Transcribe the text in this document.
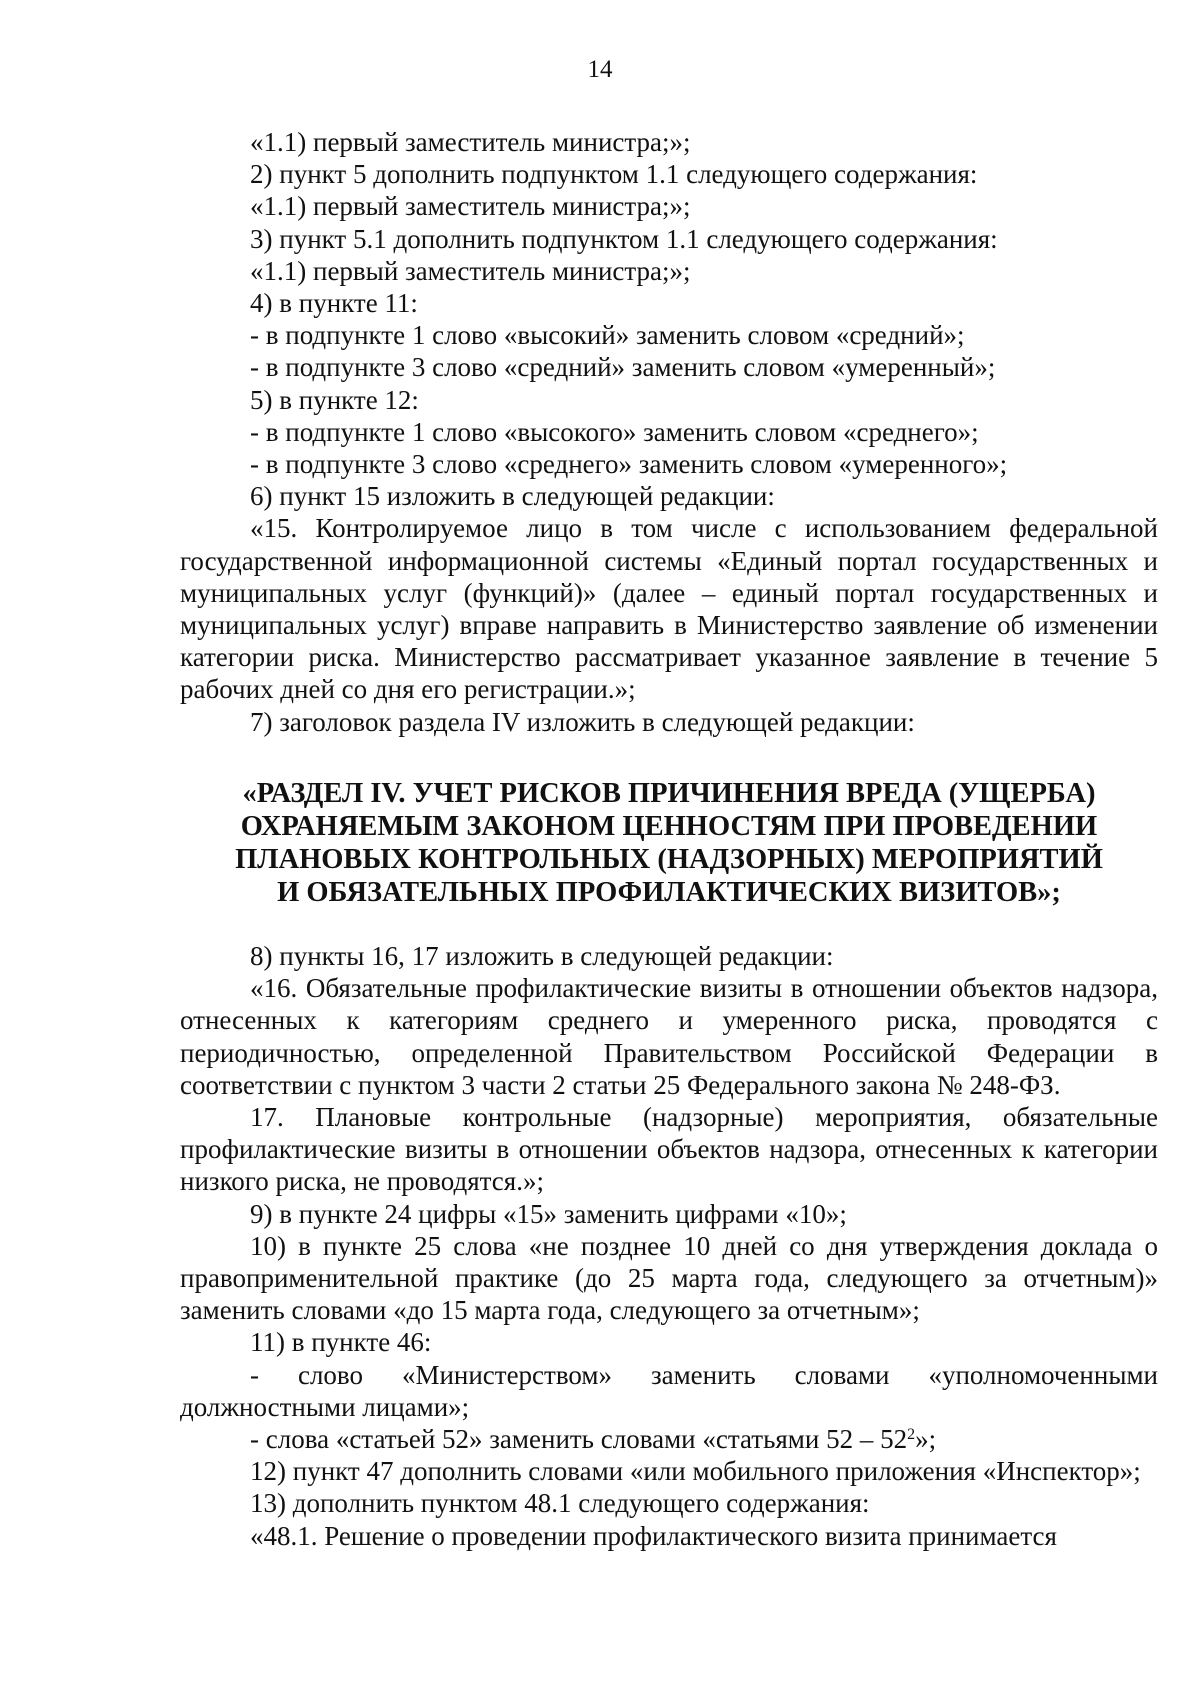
14

«1.1) первый заместитель министра;»;

2) пункт 5 дополнить подпунктом 1.1 следующего содержания:

«1.1) первый заместитель министра;»;

3) пункт 5.1 дополнить подпунктом 1.1 следующего содержания:

«1.1) первый заместитель министра;»;

4) в пункте 11:

- в подпункте 1 слово «высокий» заменить словом «средний»;

- в подпункте 3 слово «средний» заменить словом «умеренный»;

5) в пункте 12:

- в подпункте 1 слово «высокого» заменить словом «среднего»;

- в подпункте 3 слово «среднего» заменить словом «умеренного»;

6) пункт 15 изложить в следующей редакции:

«15. Контролируемое лицо в том числе с использованием федеральной государственной информационной системы «Единый портал государственных и муниципальных услуг (функций)» (далее – единый портал государственных и муниципальных услуг) вправе направить в Министерство заявление об изменении категории риска. Министерство рассматривает указанное заявление в течение 5 рабочих дней со дня его регистрации.»;

7) заголовок раздела IV изложить в следующей редакции:

«РАЗДЕЛ IV. УЧЕТ РИСКОВ ПРИЧИНЕНИЯ ВРЕДА (УЩЕРБА)
ОХРАНЯЕМЫМ ЗАКОНОМ ЦЕННОСТЯМ ПРИ ПРОВЕДЕНИИ
ПЛАНОВЫХ КОНТРОЛЬНЫХ (НАДЗОРНЫХ) МЕРОПРИЯТИЙ
И ОБЯЗАТЕЛЬНЫХ ПРОФИЛАКТИЧЕСКИХ ВИЗИТОВ»;

8) пункты 16, 17 изложить в следующей редакции:

«16. Обязательные профилактические визиты в отношении объектов надзора, отнесенных к категориям среднего и умеренного риска, проводятся с периодичностью, определенной Правительством Российской Федерации в соответствии с пунктом 3 части 2 статьи 25 Федерального закона № 248-ФЗ.

17. Плановые контрольные (надзорные) мероприятия, обязательные профилактические визиты в отношении объектов надзора, отнесенных к категории низкого риска, не проводятся.»;

9) в пункте 24 цифры «15» заменить цифрами «10»;

10) в пункте 25 слова «не позднее 10 дней со дня утверждения доклада о правоприменительной практике (до 25 марта года, следующего за отчетным)» заменить словами «до 15 марта года, следующего за отчетным»;

11) в пункте 46:

- слово «Министерством» заменить словами «уполномоченными должностными лицами»;

- слова «статьей 52» заменить словами «статьями $52 - 52^2$»;

12) пункт 47 дополнить словами «или мобильного приложения «Инспектор»;

13) дополнить пунктом 48.1 следующего содержания:

«48.1. Решение о проведении профилактического визита принимается
